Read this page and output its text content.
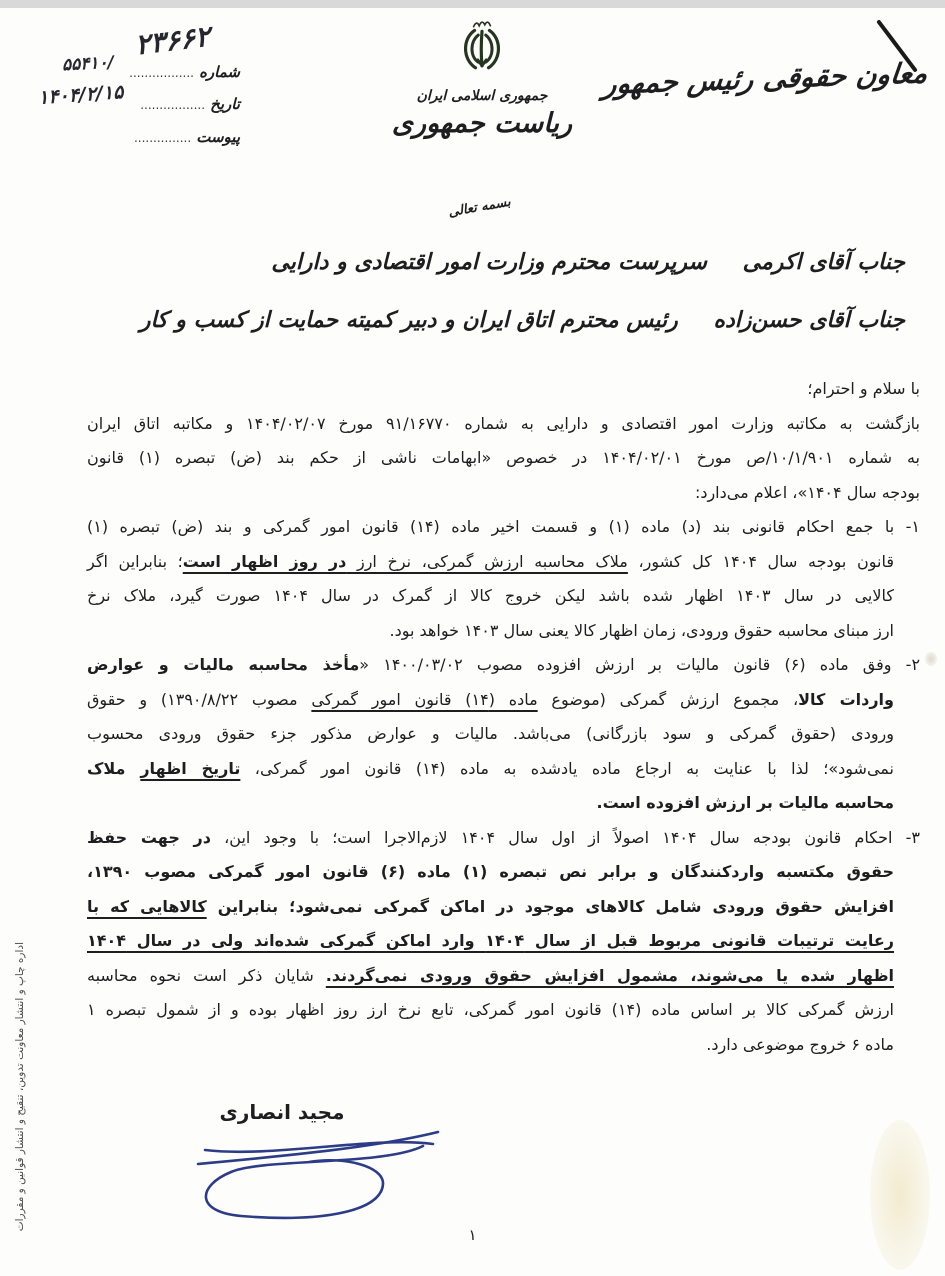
۲۳۶۶۲
۵۵۴۱۰/	شماره .................
تاریخ .................
۱۴۰۴/۲/۱۵
پیوست ...............
جمهوری اسلامی ایران
ریاست جمهوری
معاون حقوقی رئیس جمهور
بسمه تعالی
جناب آقای اکرمی سرپرست محترم وزارت امور اقتصادی و دارایی
جناب آقای حسن‌زاده رئیس محترم اتاق ایران و دبیر کمیته حمایت از کسب و کار
با سلام و احترام؛
بازگشت به مکاتبه وزارت امور اقتصادی و دارایی به شماره ۹۱/۱۶۷۷۰ مورخ ۱۴۰۴/۰۲/۰۷ و مکاتبه اتاق ایران
به شماره ۱۰/۱/۹۰۱/ص مورخ ۱۴۰۴/۰۲/۰۱ در خصوص «ابهامات ناشی از حکم بند (ض) تبصره (۱) قانون
بودجه سال ۱۴۰۴»، اعلام می‌دارد:
۱- با جمع احکام قانونی بند (د) ماده (۱) و قسمت اخیر ماده (۱۴) قانون امور گمرکی و بند (ض) تبصره (۱)
قانون بودجه سال ۱۴۰۴ کل کشور، ملاک محاسبه ارزش گمرکی، نرخ ارز در روز اظهار است؛ بنابراین اگر
کالایی در سال ۱۴۰۳ اظهار شده باشد لیکن خروج کالا از گمرک در سال ۱۴۰۴ صورت گیرد، ملاک نرخ
ارز مبنای محاسبه حقوق ورودی، زمان اظهار کالا یعنی سال ۱۴۰۳ خواهد بود.
۲- وفق ماده (۶) قانون مالیات بر ارزش افزوده مصوب ۱۴۰۰/۰۳/۰۲ «مأخذ محاسبه مالیات و عوارض
واردات کالا، مجموع ارزش گمرکی (موضوع ماده (۱۴) قانون امور گمرکی مصوب ۱۳۹۰/۸/۲۲) و حقوق
ورودی (حقوق گمرکی و سود بازرگانی) می‌باشد. مالیات و عوارض مذکور جزء حقوق ورودی محسوب
نمی‌شود»؛ لذا با عنایت به ارجاع ماده یادشده به ماده (۱۴) قانون امور گمرکی، تاریخ اظهار ملاک
محاسبه مالیات بر ارزش افزوده است.
۳- احکام قانون بودجه سال ۱۴۰۴ اصولاً از اول سال ۱۴۰۴ لازم‌الاجرا است؛ با وجود این، در جهت حفظ
حقوق مکتسبه واردکنندگان و برابر نص تبصره (۱) ماده (۶) قانون امور گمرکی مصوب ۱۳۹۰،
افزایش حقوق ورودی شامل کالاهای موجود در اماکن گمرکی نمی‌شود؛ بنابراین کالاهایی که با
رعایت ترتیبات قانونی مربوط قبل از سال ۱۴۰۴ وارد اماکن گمرکی شده‌اند ولی در سال ۱۴۰۴
اظهار شده یا می‌شوند، مشمول افزایش حقوق ورودی نمی‌گردند. شایان ذکر است نحوه محاسبه
ارزش گمرکی کالا بر اساس ماده (۱۴) قانون امور گمرکی، تابع نرخ ارز روز اظهار بوده و از شمول تبصره ۱
ماده ۶ خروج موضوعی دارد.
مجید انصاری
۱
اداره چاپ و انتشار معاونت تدوین، تنقیح و انتشار قوانین و مقررات
